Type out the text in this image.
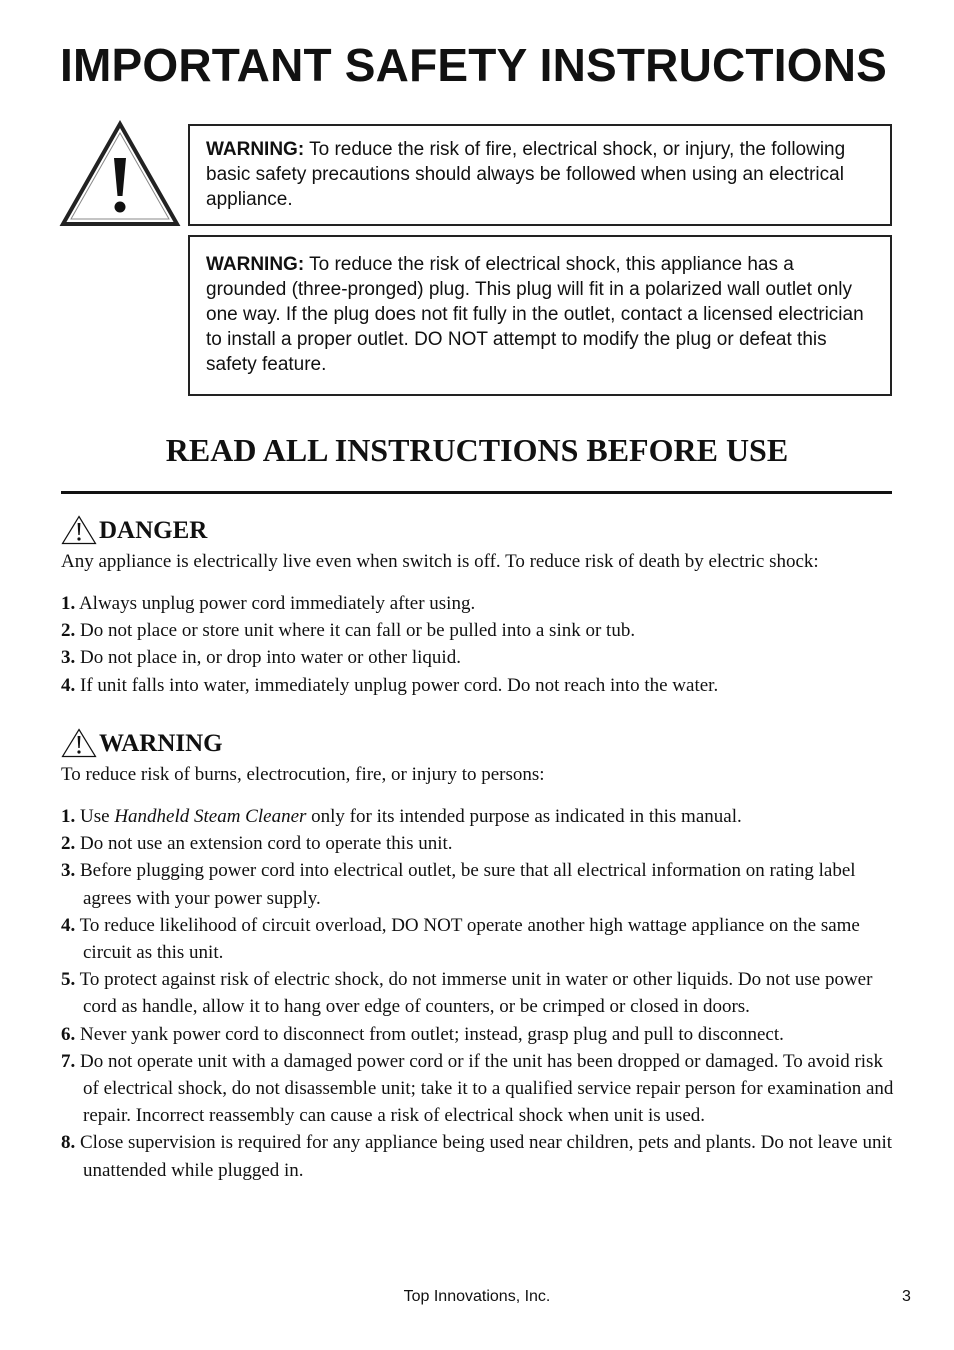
IMPORTANT SAFETY INSTRUCTIONS
WARNING: To reduce the risk of fire, electrical shock, or injury, the following basic safety precautions should always be followed when using an electrical appliance.
WARNING: To reduce the risk of electrical shock, this appliance has a grounded (three-pronged) plug. This plug will fit in a polarized wall outlet only one way. If the plug does not fit fully in the outlet, contact a licensed electrician to install a proper outlet. DO NOT attempt to modify the plug or defeat this safety feature.
READ ALL INSTRUCTIONS BEFORE USE
DANGER

Any appliance is electrically live even when switch is off. To reduce risk of death by electric shock:

1. Always unplug power cord immediately after using.
2. Do not place or store unit where it can fall or be pulled into a sink or tub.
3. Do not place in, or drop into water or other liquid.
4. If unit falls into water, immediately unplug power cord. Do not reach into the water.
WARNING

To reduce risk of burns, electrocution, fire, or injury to persons:

1. Use Handheld Steam Cleaner only for its intended purpose as indicated in this manual.
2. Do not use an extension cord to operate this unit.
3. Before plugging power cord into electrical outlet, be sure that all electrical information on rating label agrees with your power supply.
4. To reduce likelihood of circuit overload, DO NOT operate another high wattage appliance on the same circuit as this unit.
5. To protect against risk of electric shock, do not immerse unit in water or other liquids. Do not use power cord as handle, allow it to hang over edge of counters, or be crimped or closed in doors.
6. Never yank power cord to disconnect from outlet; instead, grasp plug and pull to disconnect.
7. Do not operate unit with a damaged power cord or if the unit has been dropped or damaged. To avoid risk of electrical shock, do not disassemble unit; take it to a qualified service repair person for examination and repair. Incorrect reassembly can cause a risk of electrical shock when unit is used.
8. Close supervision is required for any appliance being used near children, pets and plants. Do not leave unit unattended while plugged in.
Top Innovations, Inc.	3
